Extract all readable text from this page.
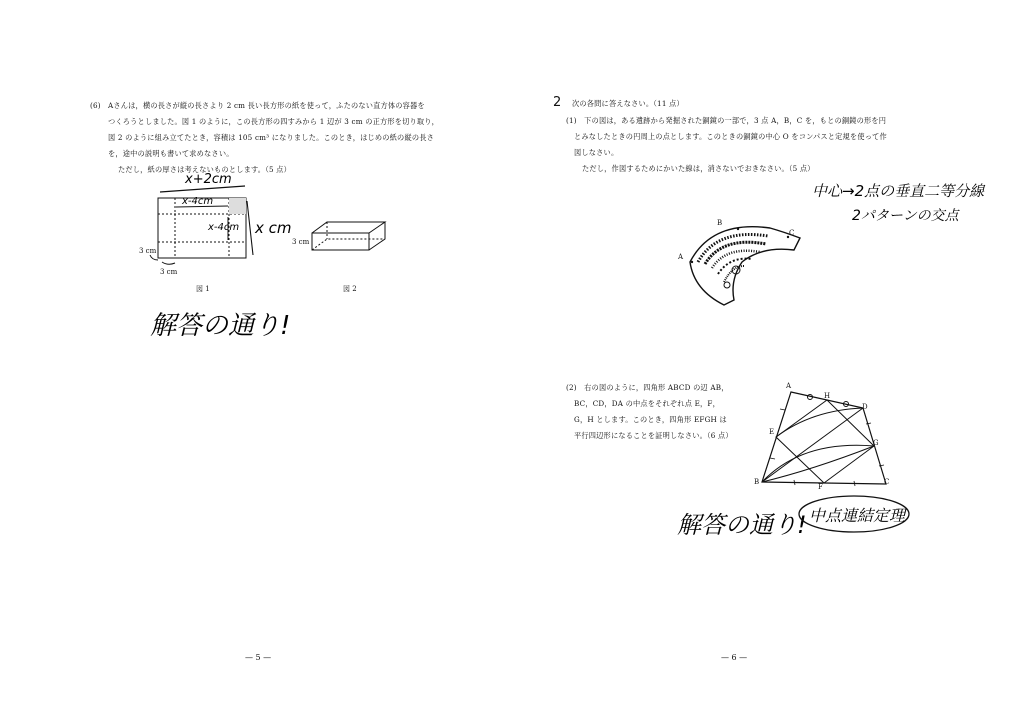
(6) Aさんは，横の長さが縦の長さより 2 cm 長い長方形の紙を使って，ふたのない直方体の容器を
つくろうとしました。図 1 のように，この長方形の四すみから 1 辺が 3 cm の正方形を切り取り，
図 2 のように組み立てたとき，容積は 105 cm³ になりました。このとき，はじめの紙の縦の長さ
を，途中の説明も書いて求めなさい。
ただし，紙の厚さは考えないものとします。（5 点）
x+2cm
x-4cm
x-4cm x cm
3 cm
3 cm
図 1
3 cm
図 2
解答の通り!
— 5 —
2 次の各問に答えなさい。（11 点）
(1)　下の図は，ある遺跡から発掘された銅鏡の一部で，3 点 A，B，C を，もとの銅鏡の形を円
とみなしたときの円周上の点とします。このときの銅鏡の中心 O をコンパスと定規を使って作
図しなさい。
ただし，作図するためにかいた線は，消さないでおきなさい。（5 点）
中心→2点の垂直二等分線
2パターンの交点
A
B
C
(2)　右の図のように，四角形 ABCD の辺 AB，
BC，CD，DA の中点をそれぞれ点 E，F，
G，H とします。このとき，四角形 EFGH は
平行四辺形になることを証明しなさい。（6 点）
A
B	C
D
E
F
G
H
解答の通り! 中点連結定理
— 6 —
